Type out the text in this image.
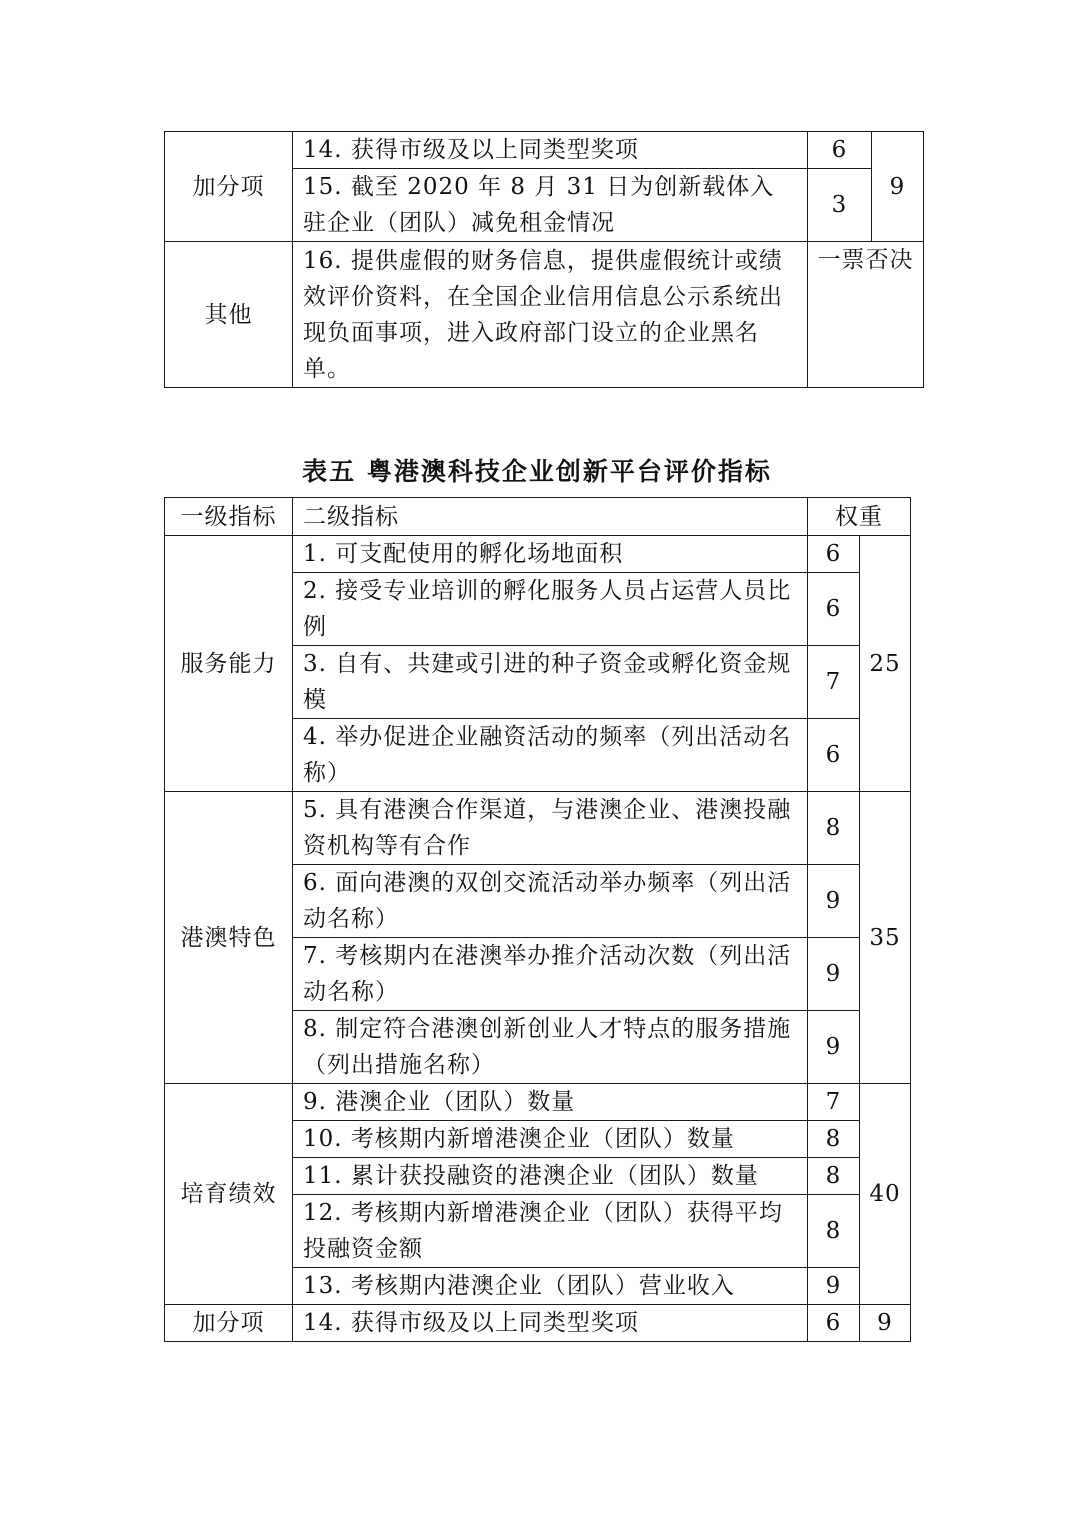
加分项	14. 获得市级及以上同类型奖项	6	9
	15. 截至 2020 年 8 月 31 日为创新载体入驻企业（团队）减免租金情况	3	
其他	16. 提供虚假的财务信息，提供虚假统计或绩效评价资料，在全国企业信用信息公示系统出现负面事项，进入政府部门设立的企业黑名单。	一票否决	
表五 粤港澳科技企业创新平台评价指标
一级指标	二级指标	权重	
服务能力	1. 可支配使用的孵化场地面积	6	25
	2. 接受专业培训的孵化服务人员占运营人员比例	6	
	3. 自有、共建或引进的种子资金或孵化资金规模	7	
	4. 举办促进企业融资活动的频率（列出活动名称）	6	
港澳特色	5. 具有港澳合作渠道，与港澳企业、港澳投融资机构等有合作	8	35
	6. 面向港澳的双创交流活动举办频率（列出活动名称）	9	
	7. 考核期内在港澳举办推介活动次数（列出活动名称）	9	
	8. 制定符合港澳创新创业人才特点的服务措施（列出措施名称）	9	
培育绩效	9. 港澳企业（团队）数量	7	40
	10. 考核期内新增港澳企业（团队）数量	8	
	11. 累计获投融资的港澳企业（团队）数量	8	
	12. 考核期内新增港澳企业（团队）获得平均投融资金额	8	
	13. 考核期内港澳企业（团队）营业收入	9	
加分项	14. 获得市级及以上同类型奖项	6	9
